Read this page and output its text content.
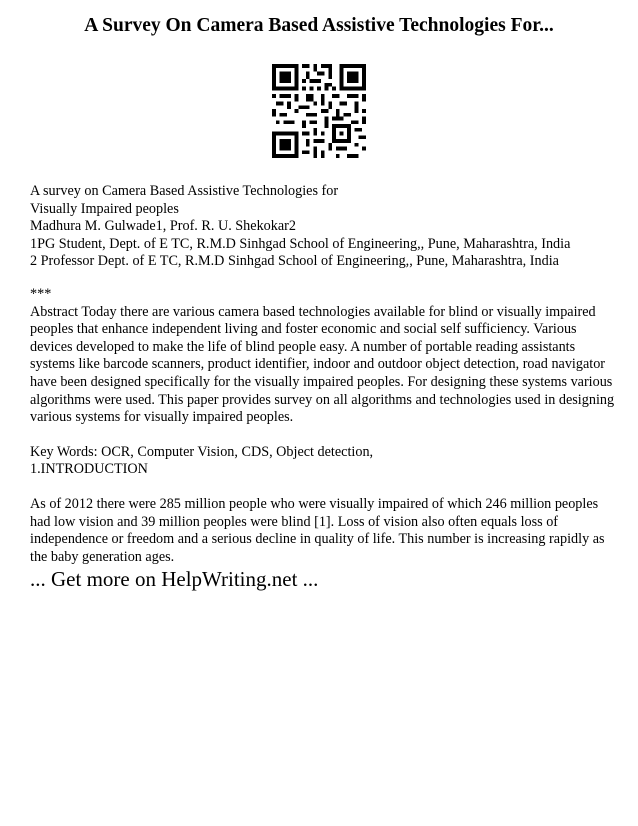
A Survey On Camera Based Assistive Technologies For...
A survey on Camera Based Assistive Technologies for
Visually Impaired peoples
Madhura M. Gulwade1, Prof. R. U. Shekokar2
1PG Student, Dept. of E TC, R.M.D Sinhgad School of Engineering,, Pune, Maharashtra, India
2 Professor Dept. of E TC, R.M.D Sinhgad School of Engineering,, Pune, Maharashtra, India
***

Abstract Today there are various camera based technologies available for blind or visually impaired peoples that enhance independent living and foster economic and social self sufficiency. Various devices developed to make the life of blind people easy. A number of portable reading assistants systems like barcode scanners, product identifier, indoor and outdoor object detection, road navigator have been designed specifically for the visually impaired peoples. For designing these systems various algorithms were used. This paper provides survey on all algorithms and technologies used in designing various systems for visually impaired peoples.

Key Words: OCR, Computer Vision, CDS, Object detection,
1.INTRODUCTION

As of 2012 there were 285 million people who were visually impaired of which 246 million peoples had low vision and 39 million peoples were blind [1]. Loss of vision also often equals loss of independence or freedom and a serious decline in quality of life. This number is increasing rapidly as the baby generation ages.

... Get more on HelpWriting.net ...
